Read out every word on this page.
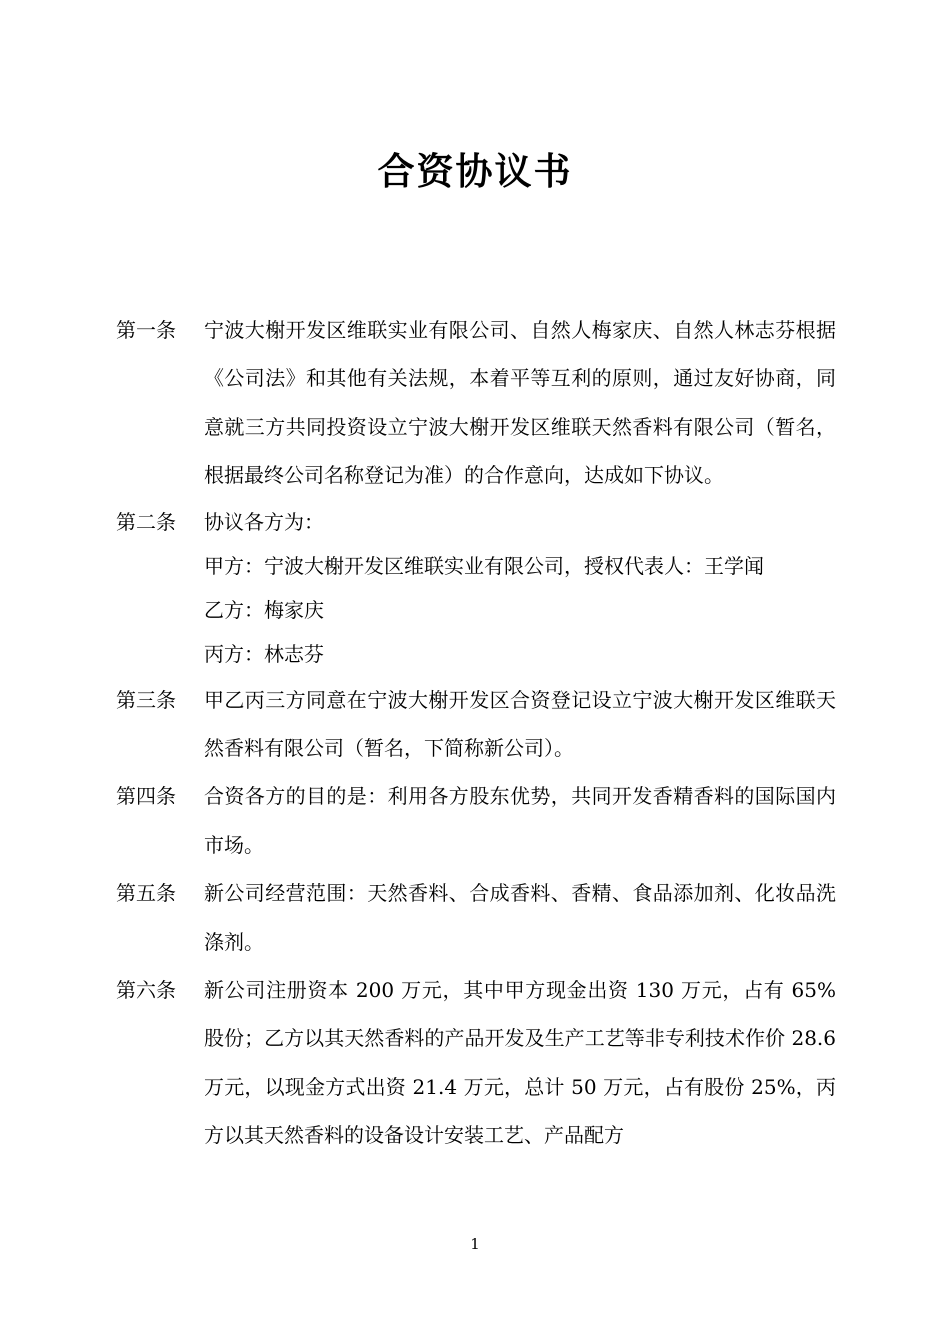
合资协议书
第一条 宁波大榭开发区维联实业有限公司、自然人梅家庆、自然人林志芬根据《公司法》和其他有关法规，本着平等互利的原则，通过友好协商，同意就三方共同投资设立宁波大榭开发区维联天然香料有限公司（暂名，根据最终公司名称登记为准）的合作意向，达成如下协议。
第二条 协议各方为：
甲方：宁波大榭开发区维联实业有限公司，授权代表人：王学闻
乙方：梅家庆
丙方：林志芬
第三条 甲乙丙三方同意在宁波大榭开发区合资登记设立宁波大榭开发区维联天然香料有限公司（暂名，下简称新公司）。
第四条 合资各方的目的是：利用各方股东优势，共同开发香精香料的国际国内市场。
第五条 新公司经营范围：天然香料、合成香料、香精、食品添加剂、化妆品洗涤剂。
第六条 新公司注册资本 200 万元，其中甲方现金出资 130 万元，占有 65%股份；乙方以其天然香料的产品开发及生产工艺等非专利技术作价 28.6 万元，以现金方式出资 21.4 万元，总计 50 万元，占有股份 25%，丙方以其天然香料的设备设计安装工艺、产品配方
1
